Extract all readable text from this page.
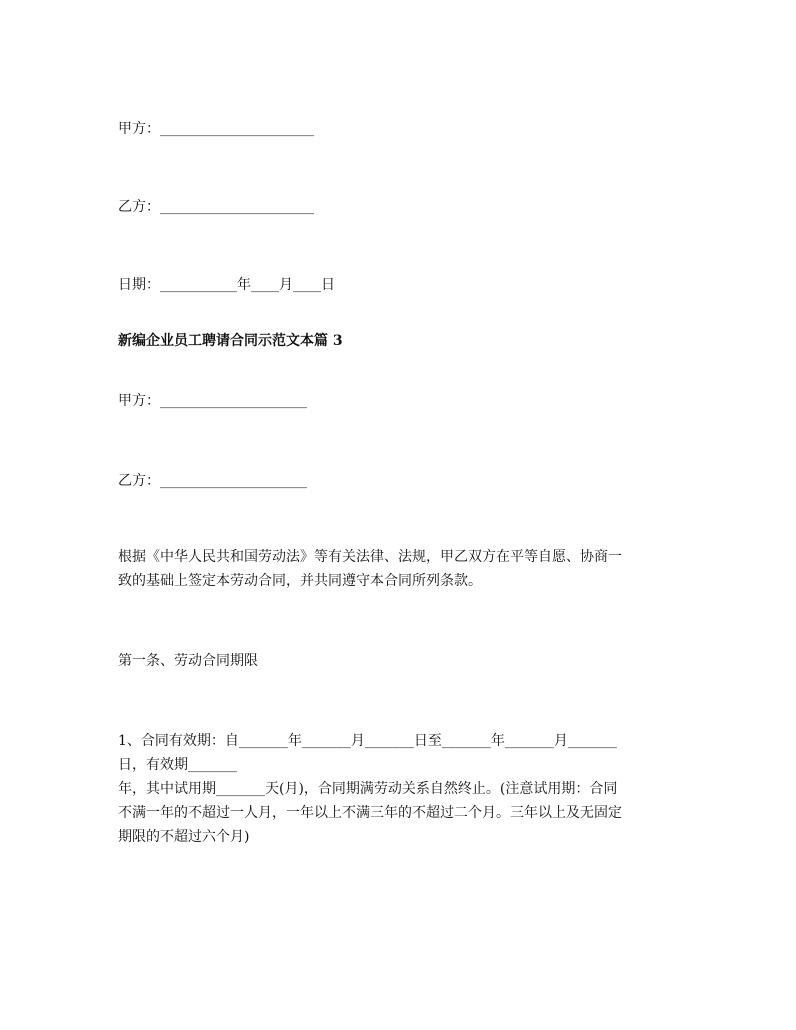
甲方：______________________
乙方：______________________
日期：___________年____月____日
新编企业员工聘请合同示范文本篇 3
甲方：_____________________
乙方：_____________________
根据《中华人民共和国劳动法》等有关法律、法规，甲乙双方在平等自愿、协商一
致的基础上签定本劳动合同，并共同遵守本合同所列条款。
第一条、劳动合同期限
1、合同有效期：自_______年_______月_______日至_______年_______月_______
日，有效期_______
年，其中试用期_______天(月)，合同期满劳动关系自然终止。(注意试用期：合同
不满一年的不超过一人月，一年以上不满三年的不超过二个月。三年以上及无固定
期限的不超过六个月)
